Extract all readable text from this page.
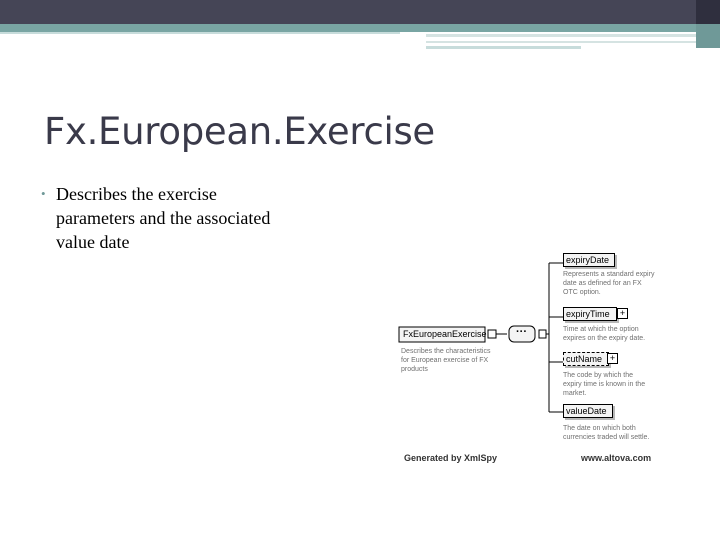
Fx.European.Exercise
• Describes the exercise
parameters and the associated
value date
FxEuropeanExercise	···
Describes the characteristics
for European exercise of FX
products
expiryDate
Represents a standard expiry
date as defined for an FX
OTC option.
expiryTime	+
Time at which the option
expires on the expiry date.
cutName +
The code by which the
expiry time is known in the
market.
valueDate
The date on which both
currencies traded will settle.
Generated by XmlSpy	www.altova.com
